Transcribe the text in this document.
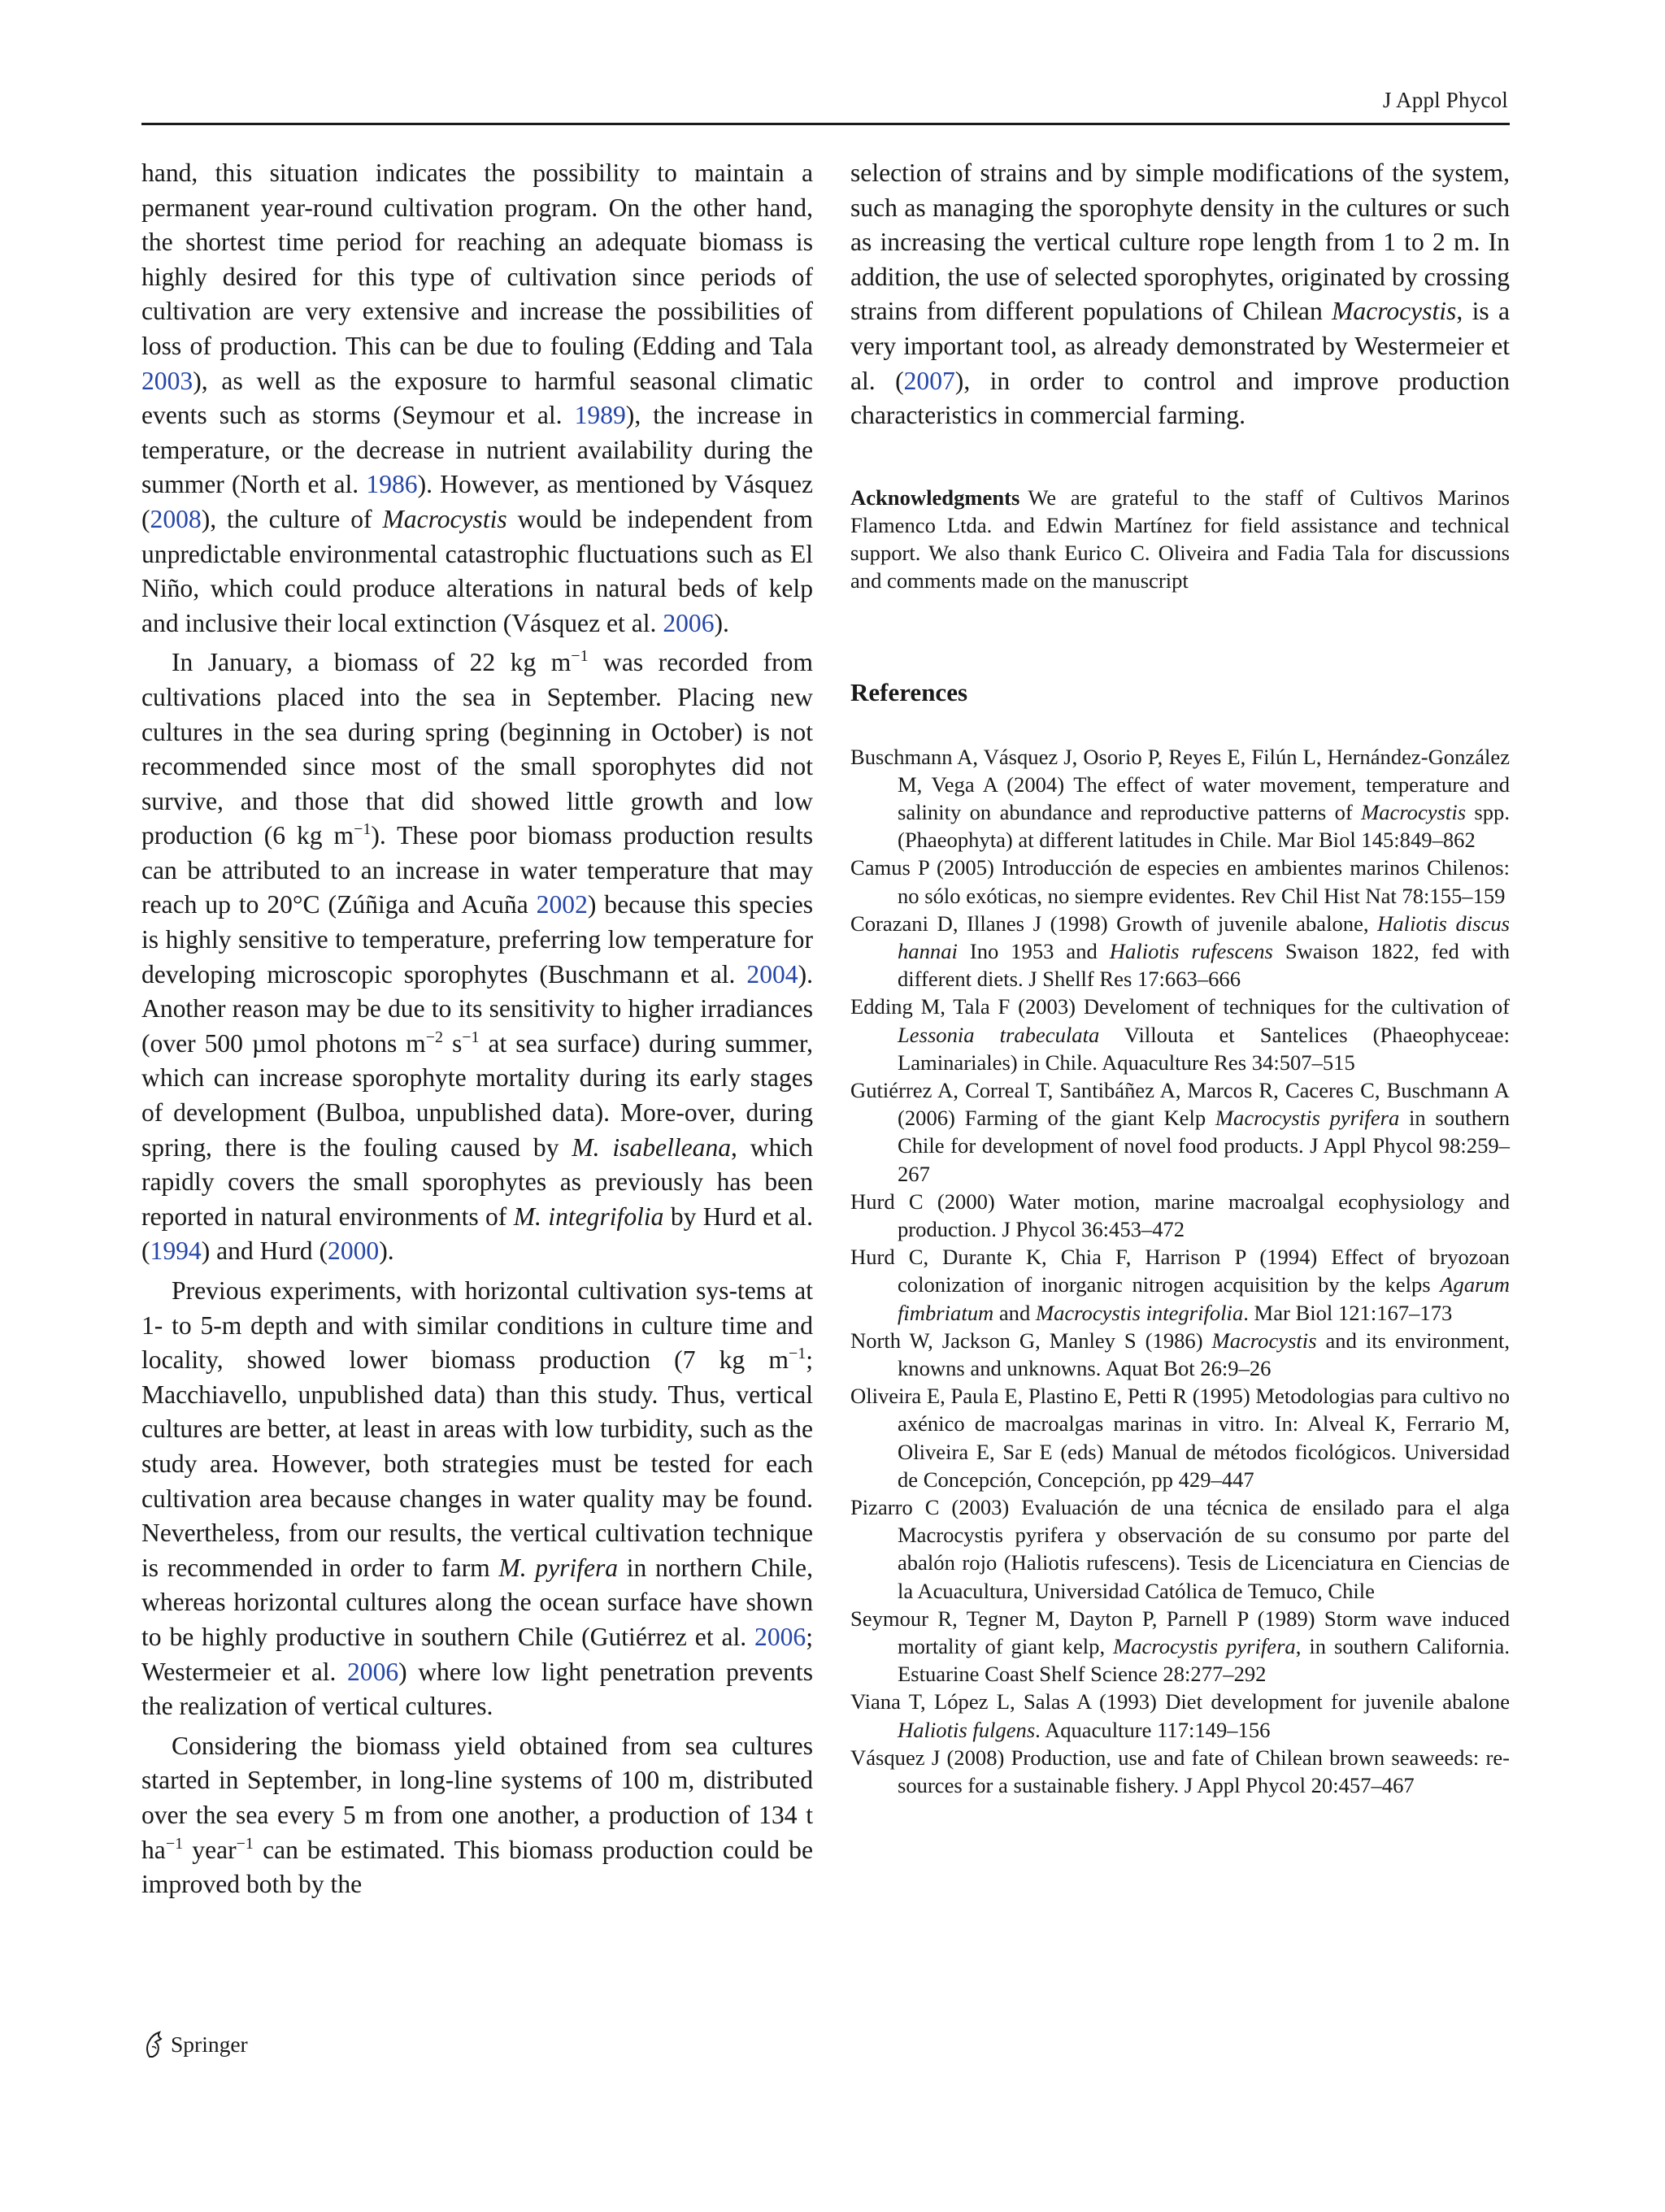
J Appl Phycol

hand, this situation indicates the possibility to maintain a permanent year-round cultivation program. On the other hand, the shortest time period for reaching an adequate biomass is highly desired for this type of cultivation since periods of cultivation are very extensive and increase the possibilities of loss of production. This can be due to fouling (Edding and Tala 2003), as well as the exposure to harmful seasonal climatic events such as storms (Seymour et al. 1989), the increase in temperature, or the decrease in nutrient availability during the summer (North et al. 1986). However, as mentioned by Vásquez (2008), the culture of Macrocystis would be independent from unpredictable environmental catastrophic fluctuations such as El Niño, which could produce alterations in natural beds of kelp and inclusive their local extinction (Vásquez et al. 2006).

In January, a biomass of 22 kg $m^{-1}$ was recorded from cultivations placed into the sea in September. Placing new cultures in the sea during spring (beginning in October) is not recommended since most of the small sporophytes did not survive, and those that did showed little growth and low production (6 kg $m^{-1}$). These poor biomass production results can be attributed to an increase in water temperature that may reach up to 20°C (Zúñiga and Acuña 2002) because this species is highly sensitive to temperature, preferring low temperature for developing microscopic sporophytes (Buschmann et al. 2004). Another reason may be due to its sensitivity to higher irradiances (over 500 µmol photons $m^{-2}$ $s^{-1}$ at sea surface) during summer, which can increase sporophyte mortality during its early stages of development (Bulboa, unpublished data). More-over, during spring, there is the fouling caused by M. isabelleana, which rapidly covers the small sporophytes as previously has been reported in natural environments of M. integrifolia by Hurd et al. (1994) and Hurd (2000).

Previous experiments, with horizontal cultivation sys-tems at 1- to 5-m depth and with similar conditions in culture time and locality, showed lower biomass production (7 kg $m^{-1}$; Macchiavello, unpublished data) than this study. Thus, vertical cultures are better, at least in areas with low turbidity, such as the study area. However, both strategies must be tested for each cultivation area because changes in water quality may be found. Nevertheless, from our results, the vertical cultivation technique is recommended in order to farm M. pyrifera in northern Chile, whereas horizontal cultures along the ocean surface have shown to be highly productive in southern Chile (Gutiérrez et al. 2006; Westermeier et al. 2006) where low light penetration prevents the realization of vertical cultures.

Considering the biomass yield obtained from sea cultures started in September, in long-line systems of 100 m, distributed over the sea every 5 m from one another, a production of 134 t $ha^{-1}$ year$^{-1}$ can be estimated. This biomass production could be improved both by the

selection of strains and by simple modifications of the system, such as managing the sporophyte density in the cultures or such as increasing the vertical culture rope length from 1 to 2 m. In addition, the use of selected sporophytes, originated by crossing strains from different populations of Chilean Macrocystis, is a very important tool, as already demonstrated by Westermeier et al. (2007), in order to control and improve production characteristics in commercial farming.

Acknowledgments We are grateful to the staff of Cultivos Marinos Flamenco Ltda. and Edwin Martínez for field assistance and technical support. We also thank Eurico C. Oliveira and Fadia Tala for discussions and comments made on the manuscript
References
Buschmann A, Vásquez J, Osorio P, Reyes E, Filún L, Hernández-González M, Vega A (2004) The effect of water movement, temperature and salinity on abundance and reproductive patterns of Macrocystis spp. (Phaeophyta) at different latitudes in Chile. Mar Biol 145:849–862
Camus P (2005) Introducción de especies en ambientes marinos Chilenos: no sólo exóticas, no siempre evidentes. Rev Chil Hist Nat 78:155–159
Corazani D, Illanes J (1998) Growth of juvenile abalone, Haliotis discus hannai Ino 1953 and Haliotis rufescens Swaison 1822, fed with different diets. J Shellf Res 17:663–666
Edding M, Tala F (2003) Develoment of techniques for the cultivation of Lessonia trabeculata Villouta et Santelices (Phaeophyceae: Laminariales) in Chile. Aquaculture Res 34:507–515
Gutiérrez A, Correal T, Santibáñez A, Marcos R, Caceres C, Buschmann A (2006) Farming of the giant Kelp Macrocystis pyrifera in southern Chile for development of novel food products. J Appl Phycol 98:259–267
Hurd C (2000) Water motion, marine macroalgal ecophysiology and production. J Phycol 36:453–472
Hurd C, Durante K, Chia F, Harrison P (1994) Effect of bryozoan colonization of inorganic nitrogen acquisition by the kelps Agarum fimbriatum and Macrocystis integrifolia. Mar Biol 121:167–173
North W, Jackson G, Manley S (1986) Macrocystis and its environment, knowns and unknowns. Aquat Bot 26:9–26
Oliveira E, Paula E, Plastino E, Petti R (1995) Metodologias para cultivo no axénico de macroalgas marinas in vitro. In: Alveal K, Ferrario M, Oliveira E, Sar E (eds) Manual de métodos ficológicos. Universidad de Concepción, Concepción, pp 429–447
Pizarro C (2003) Evaluación de una técnica de ensilado para el alga Macrocystis pyrifera y observación de su consumo por parte del abalón rojo (Haliotis rufescens). Tesis de Licenciatura en Ciencias de la Acuacultura, Universidad Católica de Temuco, Chile
Seymour R, Tegner M, Dayton P, Parnell P (1989) Storm wave induced mortality of giant kelp, Macrocystis pyrifera, in southern California. Estuarine Coast Shelf Science 28:277–292
Viana T, López L, Salas A (1993) Diet development for juvenile abalone Haliotis fulgens. Aquaculture 117:149–156
Vásquez J (2008) Production, use and fate of Chilean brown seaweeds: re-sources for a sustainable fishery. J Appl Phycol 20:457–467
Springer
